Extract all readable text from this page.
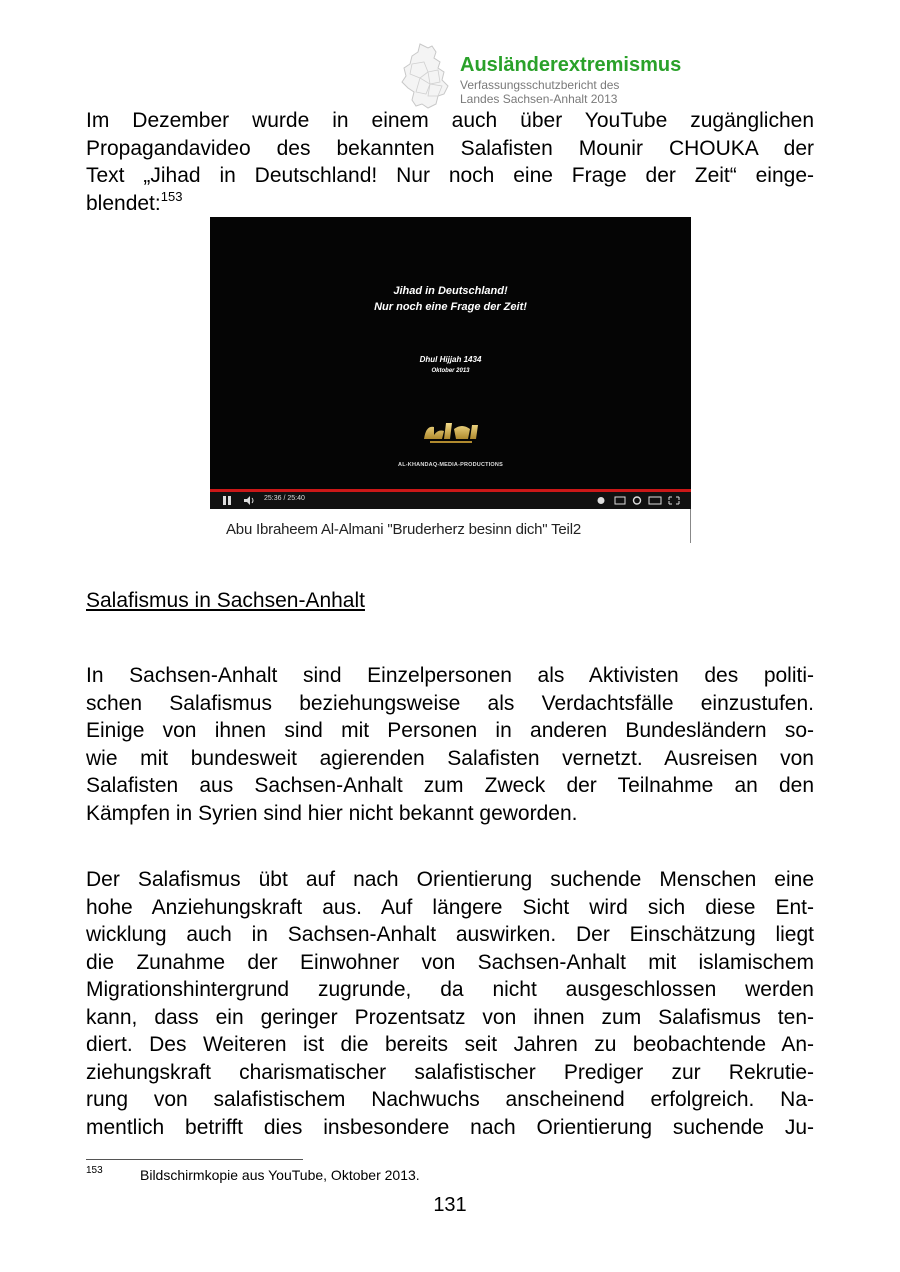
Ausländerextremismus
Verfassungsschutzbericht des
Landes Sachsen-Anhalt 2013
Im Dezember wurde in einem auch über YouTube zugänglichen
Propagandavideo des bekannten Salafisten Mounir CHOUKA der
Text „Jihad in Deutschland! Nur noch eine Frage der Zeit“ einge-
blendet:$^{153}$
Jihad in Deutschland!
Nur noch eine Frage der Zeit!
Dhul Hijjah 1434
Oktober 2013
AL-KHANDAQ-MEDIA-PRODUCTIONS
25:36 / 25:40
Abu Ibraheem Al-Almani "Bruderherz besinn dich" Teil2
Salafismus in Sachsen-Anhalt
In Sachsen-Anhalt sind Einzelpersonen als Aktivisten des politi-
schen Salafismus beziehungsweise als Verdachtsfälle einzustufen.
Einige von ihnen sind mit Personen in anderen Bundesländern so-
wie mit bundesweit agierenden Salafisten vernetzt. Ausreisen von
Salafisten aus Sachsen-Anhalt zum Zweck der Teilnahme an den
Kämpfen in Syrien sind hier nicht bekannt geworden.
Der Salafismus übt auf nach Orientierung suchende Menschen eine
hohe Anziehungskraft aus. Auf längere Sicht wird sich diese Ent-
wicklung auch in Sachsen-Anhalt auswirken. Der Einschätzung liegt
die Zunahme der Einwohner von Sachsen-Anhalt mit islamischem
Migrationshintergrund zugrunde, da nicht ausgeschlossen werden
kann, dass ein geringer Prozentsatz von ihnen zum Salafismus ten-
diert. Des Weiteren ist die bereits seit Jahren zu beobachtende An-
ziehungskraft charismatischer salafistischer Prediger zur Rekrutie-
rung von salafistischem Nachwuchs anscheinend erfolgreich. Na-
mentlich betrifft dies insbesondere nach Orientierung suchende Ju-
153	Bildschirmkopie aus YouTube, Oktober 2013.
131
